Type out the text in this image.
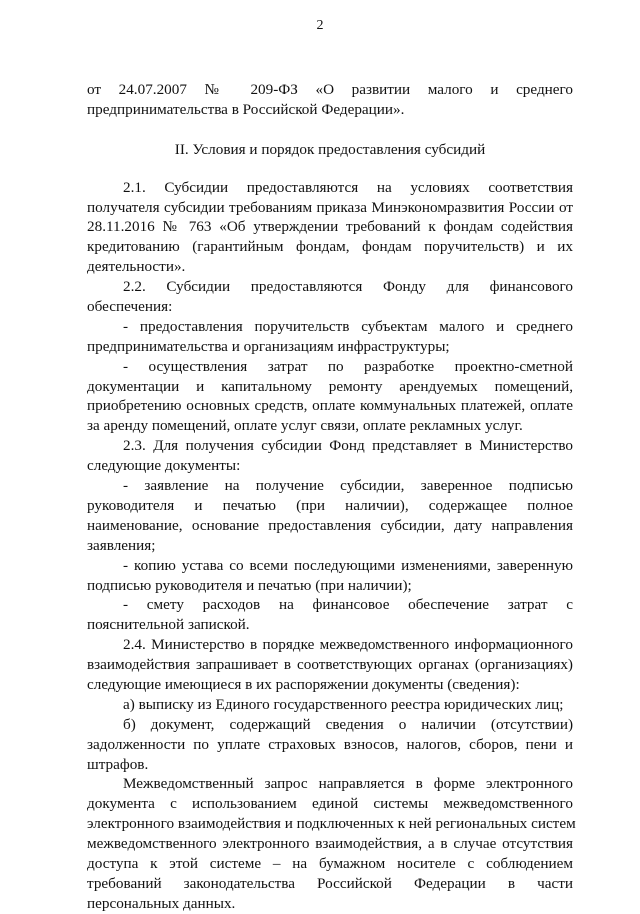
2
от 24.07.2007 № 209-ФЗ «О развитии малого и среднего
предпринимательства в Российской Федерации».
II. Условия и порядок предоставления субсидий
2.1. Субсидии предоставляются на условиях соответствия
получателя субсидии требованиям приказа Минэкономразвития России от
28.11.2016 № 763 «Об утверждении требований к фондам содействия
кредитованию (гарантийным фондам, фондам поручительств) и их
деятельности».
2.2. Субсидии предоставляются Фонду для финансового
обеспечения:
- предоставления поручительств субъектам малого и среднего
предпринимательства и организациям инфраструктуры;
- осуществления затрат по разработке проектно-сметной
документации и капитальному ремонту арендуемых помещений,
приобретению основных средств, оплате коммунальных платежей, оплате
за аренду помещений, оплате услуг связи, оплате рекламных услуг.
2.3. Для получения субсидии Фонд представляет в Министерство
следующие документы:
- заявление на получение субсидии, заверенное подписью
руководителя и печатью (при наличии), содержащее полное
наименование, основание предоставления субсидии, дату направления
заявления;
- копию устава со всеми последующими изменениями, заверенную
подписью руководителя и печатью (при наличии);
- смету расходов на финансовое обеспечение затрат с
пояснительной запиской.
2.4. Министерство в порядке межведомственного информационного
взаимодействия запрашивает в соответствующих органах (организациях)
следующие имеющиеся в их распоряжении документы (сведения):
а) выписку из Единого государственного реестра юридических лиц;
б) документ, содержащий сведения о наличии (отсутствии)
задолженности по уплате страховых взносов, налогов, сборов, пени и
штрафов.
Межведомственный запрос направляется в форме электронного
документа с использованием единой системы межведомственного
электронного взаимодействия и подключенных к ней региональных систем
межведомственного электронного взаимодействия, а в случае отсутствия
доступа к этой системе – на бумажном носителе с соблюдением
требований законодательства Российской Федерации в части
персональных данных.
